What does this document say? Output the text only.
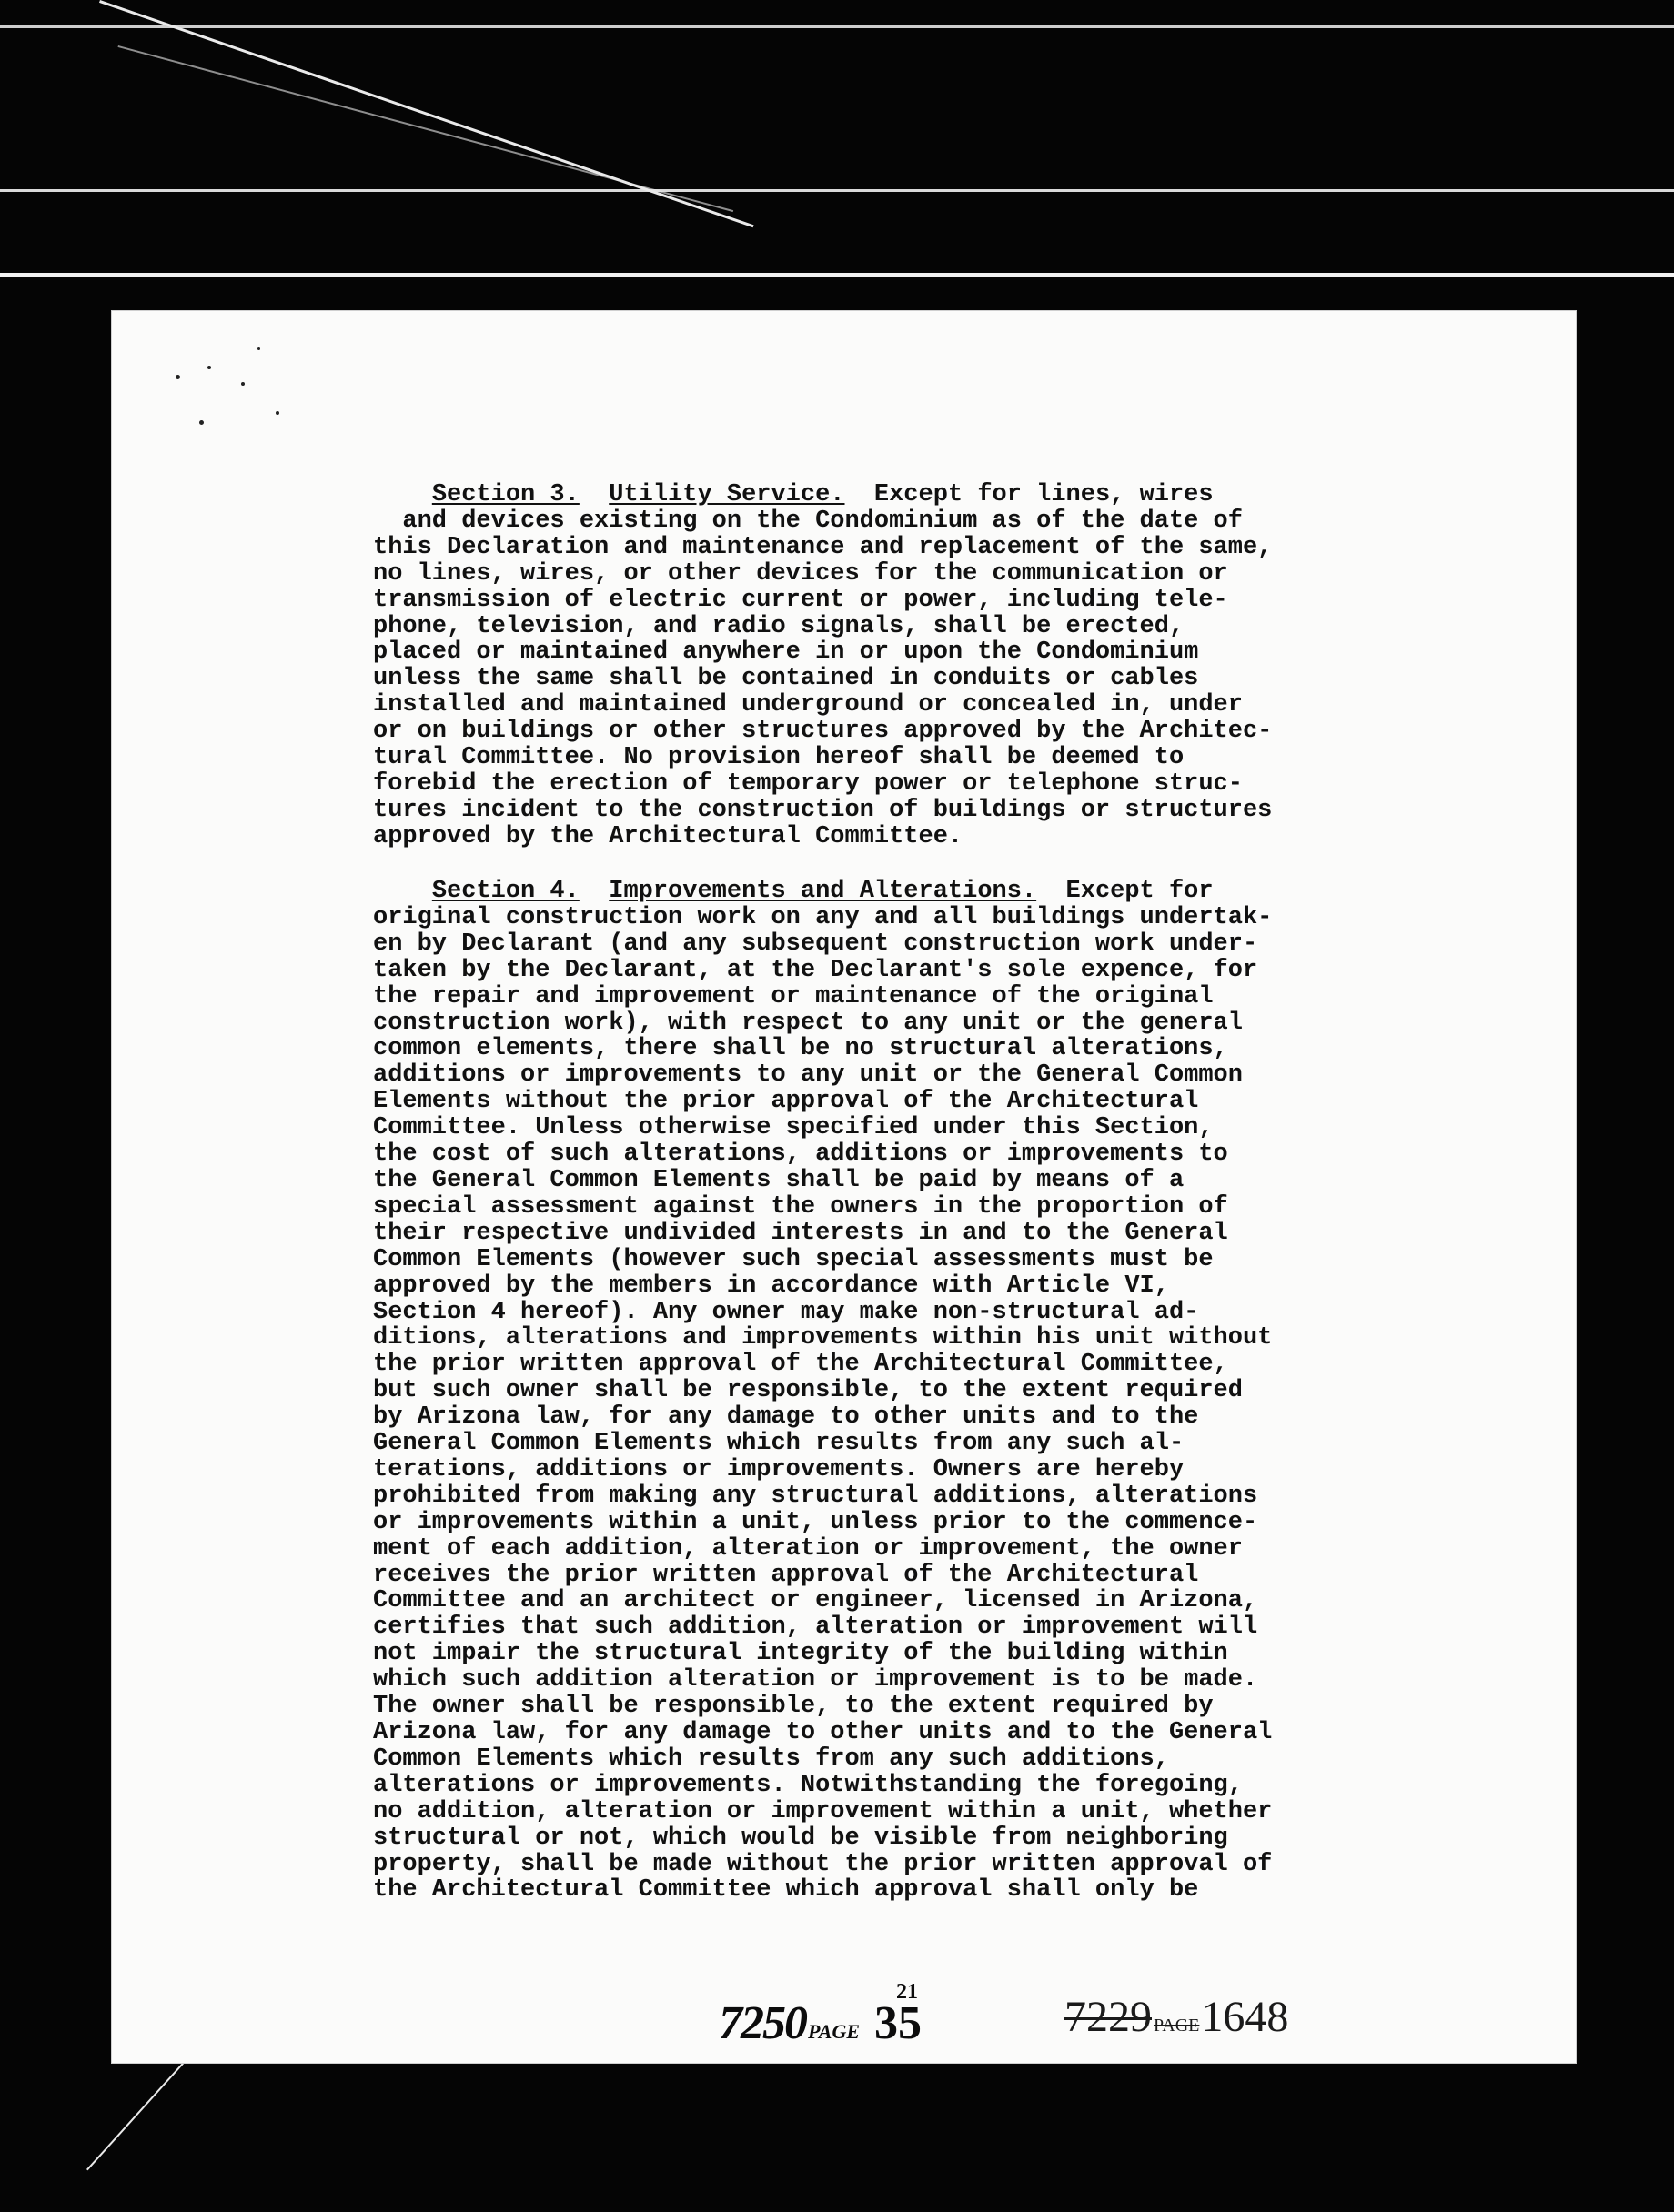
Section 3. Utility Service.  Except for lines, wires
and devices existing on the Condominium as of the date of
this Declaration and maintenance and replacement of the same,
no lines, wires, or other devices for the communication or
transmission of electric current or power, including tele-
phone, television, and radio signals, shall be erected,
placed or maintained anywhere in or upon the Condominium
unless the same shall be contained in conduits or cables
installed and maintained underground or concealed in, under
or on buildings or other structures approved by the Architec-
tural Committee. No provision hereof shall be deemed to
forebid the erection of temporary power or telephone struc-
tures incident to the construction of buildings or structures
approved by the Architectural Committee.

Section 4. Improvements and Alterations.  Except for
original construction work on any and all buildings undertak-
en by Declarant (and any subsequent construction work under-
taken by the Declarant, at the Declarant's sole expence, for
the repair and improvement or maintenance of the original
construction work), with respect to any unit or the general
common elements, there shall be no structural alterations,
additions or improvements to any unit or the General Common
Elements without the prior approval of the Architectural
Committee. Unless otherwise specified under this Section,
the cost of such alterations, additions or improvements to
the General Common Elements shall be paid by means of a
special assessment against the owners in the proportion of
their respective undivided interests in and to the General
Common Elements (however such special assessments must be
approved by the members in accordance with Article VI,
Section 4 hereof). Any owner may make non-structural ad-
ditions, alterations and improvements within his unit without
the prior written approval of the Architectural Committee,
but such owner shall be responsible, to the extent required
by Arizona law, for any damage to other units and to the
General Common Elements which results from any such al-
terations, additions or improvements. Owners are hereby
prohibited from making any structural additions, alterations
or improvements within a unit, unless prior to the commence-
ment of each addition, alteration or improvement, the owner
receives the prior written approval of the Architectural
Committee and an architect or engineer, licensed in Arizona,
certifies that such addition, alteration or improvement will
not impair the structural integrity of the building within
which such addition alteration or improvement is to be made.
The owner shall be responsible, to the extent required by
Arizona law, for any damage to other units and to the General
Common Elements which results from any such additions,
alterations or improvements. Notwithstanding the foregoing,
no addition, alteration or improvement within a unit, whether
structural or not, which would be visible from neighboring
property, shall be made without the prior written approval of
the Architectural Committee which approval shall only be

7250PAGE
21
35	7229 PAGE1648
